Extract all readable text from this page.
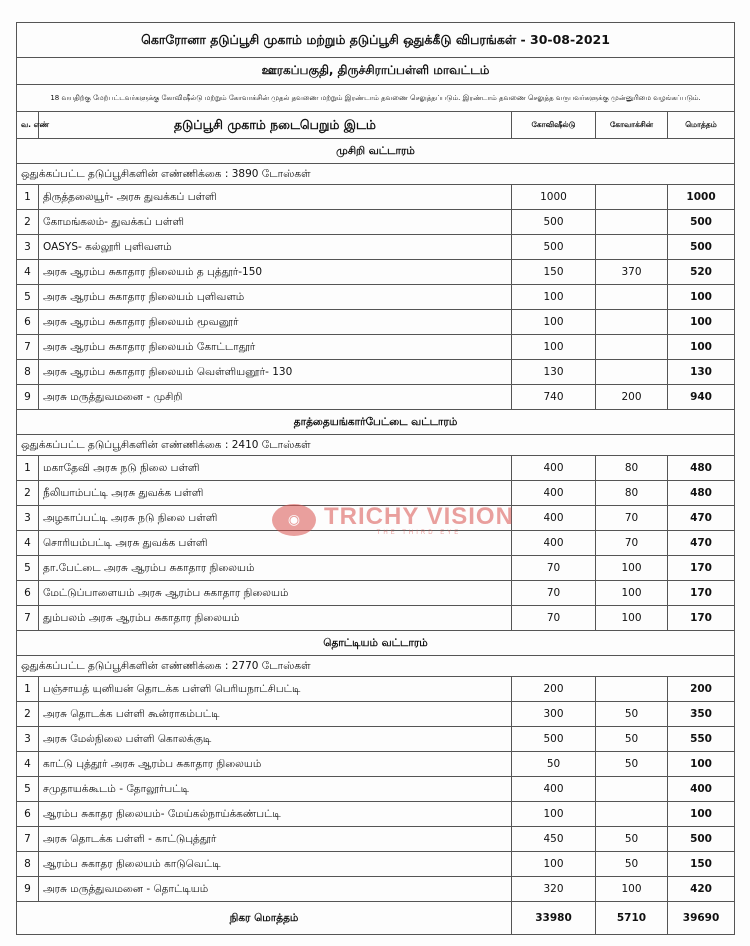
கொரோனா தடுப்பூசி முகாம் மற்றும் தடுப்பூசி ஒதுக்கீடு விபரங்கள் - 30-08-2021				
ஊரகப்பகுதி, திருச்சிராப்பள்ளி மாவட்டம்				
18 வயதிற்கு மேற்பட்டவர்களுக்கு கோவிஷீல்டு மற்றும் கோவாக்சின் முதல் தவணை மற்றும் இரண்டாம் தவணை செலுத்தப்படும். இரண்டாம் தவணை செலுத்த வருபவர்களுக்கு முன்னுரிமை வழங்கப்படும்.				
வ. எண்	தடுப்பூசி முகாம் நடைபெறும் இடம்	கோவிஷீல்டு	கோவாக்சின்	மொத்தம்
முசிறி வட்டாரம்				
ஒதுக்கப்பட்ட தடுப்பூசிகளின் எண்ணிக்கை : 3890 டோஸ்கள்				
1	திருத்தலையூர்- அரசு துவக்கப் பள்ளி	1000		1000
2	கோமங்கலம்- துவக்கப் பள்ளி	500		500
3	OASYS- கல்லூரி புளிவளம்	500		500
4	அரசு ஆரம்ப சுகாதார நிலையம் த புத்தூர்-150	150	370	520
5	அரசு ஆரம்ப சுகாதார நிலையம் புளிவளம்	100		100
6	அரசு ஆரம்ப சுகாதார நிலையம் மூவனூர்	100		100
7	அரசு ஆரம்ப சுகாதார நிலையம் கோட்டாதூர்	100		100
8	அரசு ஆரம்ப சுகாதார நிலையம் வெள்ளியனூர்- 130	130		130
9	அரசு மருத்துவமனை - முசிறி	740	200	940
தாத்தையங்கார்பேட்டை வட்டாரம்				
ஒதுக்கப்பட்ட தடுப்பூசிகளின் எண்ணிக்கை : 2410 டோஸ்கள்				
1	மகாதேவி அரசு நடு நிலை பள்ளி	400	80	480
2	நீலியாம்பட்டி அரசு துவக்க பள்ளி	400	80	480
3	அழகாப்பட்டி அரசு நடு நிலை பள்ளி	400	70	470
4	சொரியம்பட்டி அரசு துவக்க பள்ளி	400	70	470
5	தா.பேட்டை அரசு ஆரம்ப சுகாதார நிலையம்	70	100	170
6	மேட்டுப்பாளையம் அரசு ஆரம்ப சுகாதார நிலையம்	70	100	170
7	தும்பலம் அரசு ஆரம்ப சுகாதார நிலையம்	70	100	170
தொட்டியம் வட்டாரம்				
ஒதுக்கப்பட்ட தடுப்பூசிகளின் எண்ணிக்கை : 2770 டோஸ்கள்				
1	பஞ்சாயத் யுனியன் தொடக்க பள்ளி பெரியநாட்சிபட்டி	200		200
2	அரசு தொடக்க பள்ளி கூன்ராகம்பட்டி	300	50	350
3	அரசு மேல்நிலை பள்ளி கொலக்குடி	500	50	550
4	காட்டு புத்தூர் அரசு ஆரம்ப சுகாதார நிலையம்	50	50	100
5	சமுதாயக்கூடம் - தோலூர்பட்டி	400		400
6	ஆரம்ப சுகாதர நிலையம்- மேய்கல்நாய்க்கண்பட்டி	100		100
7	அரசு தொடக்க பள்ளி - காட்டுபுத்தூர்	450	50	500
8	ஆரம்ப சுகாதர நிலையம் காடுவெட்டி	100	50	150
9	அரசு மருத்துவமனை - தொட்டியம்	320	100	420
நிகர மொத்தம்		33980	5710	39690
◉ TRICHY VISION
THE THIRD EYE
